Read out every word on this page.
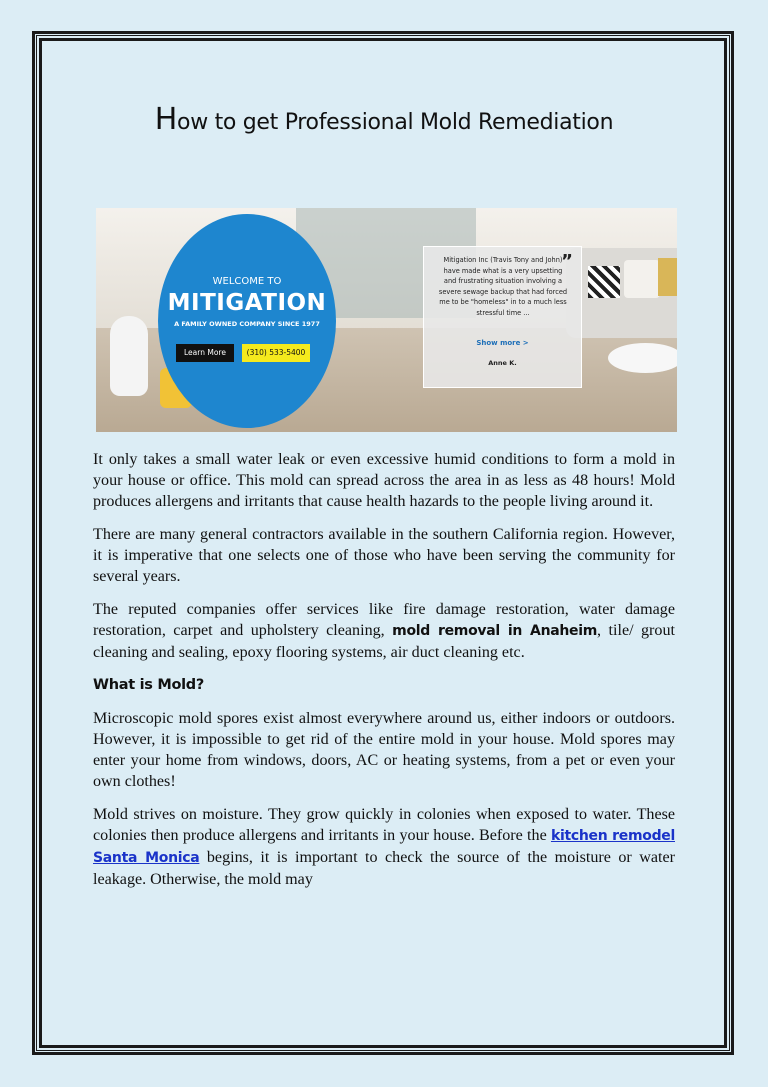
How to get Professional Mold Remediation
WELCOME TO
MITIGATION
A FAMILY OWNED COMPANY SINCE 1977
Learn More	(310) 533-5400
”
Mitigation Inc (Travis Tony and John) have made what is a very upsetting and frustrating situation involving a severe sewage backup that had forced me to be "homeless" in to a much less stressful time ...
Show more >
Anne K.

It only takes a small water leak or even excessive humid conditions to form a mold in your house or office. This mold can spread across the area in as less as 48 hours! Mold produces allergens and irritants that cause health hazards to the people living around it.

There are many general contractors available in the southern California region. However, it is imperative that one selects one of those who have been serving the community for several years.

The reputed companies offer services like fire damage restoration, water damage restoration, carpet and upholstery cleaning, mold removal in Anaheim, tile/ grout cleaning and sealing, epoxy flooring systems, air duct cleaning etc.

What is Mold?

Microscopic mold spores exist almost everywhere around us, either indoors or outdoors. However, it is impossible to get rid of the entire mold in your house. Mold spores may enter your home from windows, doors, AC or heating systems, from a pet or even your own clothes!

Mold strives on moisture. They grow quickly in colonies when exposed to water. These colonies then produce allergens and irritants in your house. Before the kitchen remodel Santa Monica begins, it is important to check the source of the moisture or water leakage. Otherwise, the mold may
